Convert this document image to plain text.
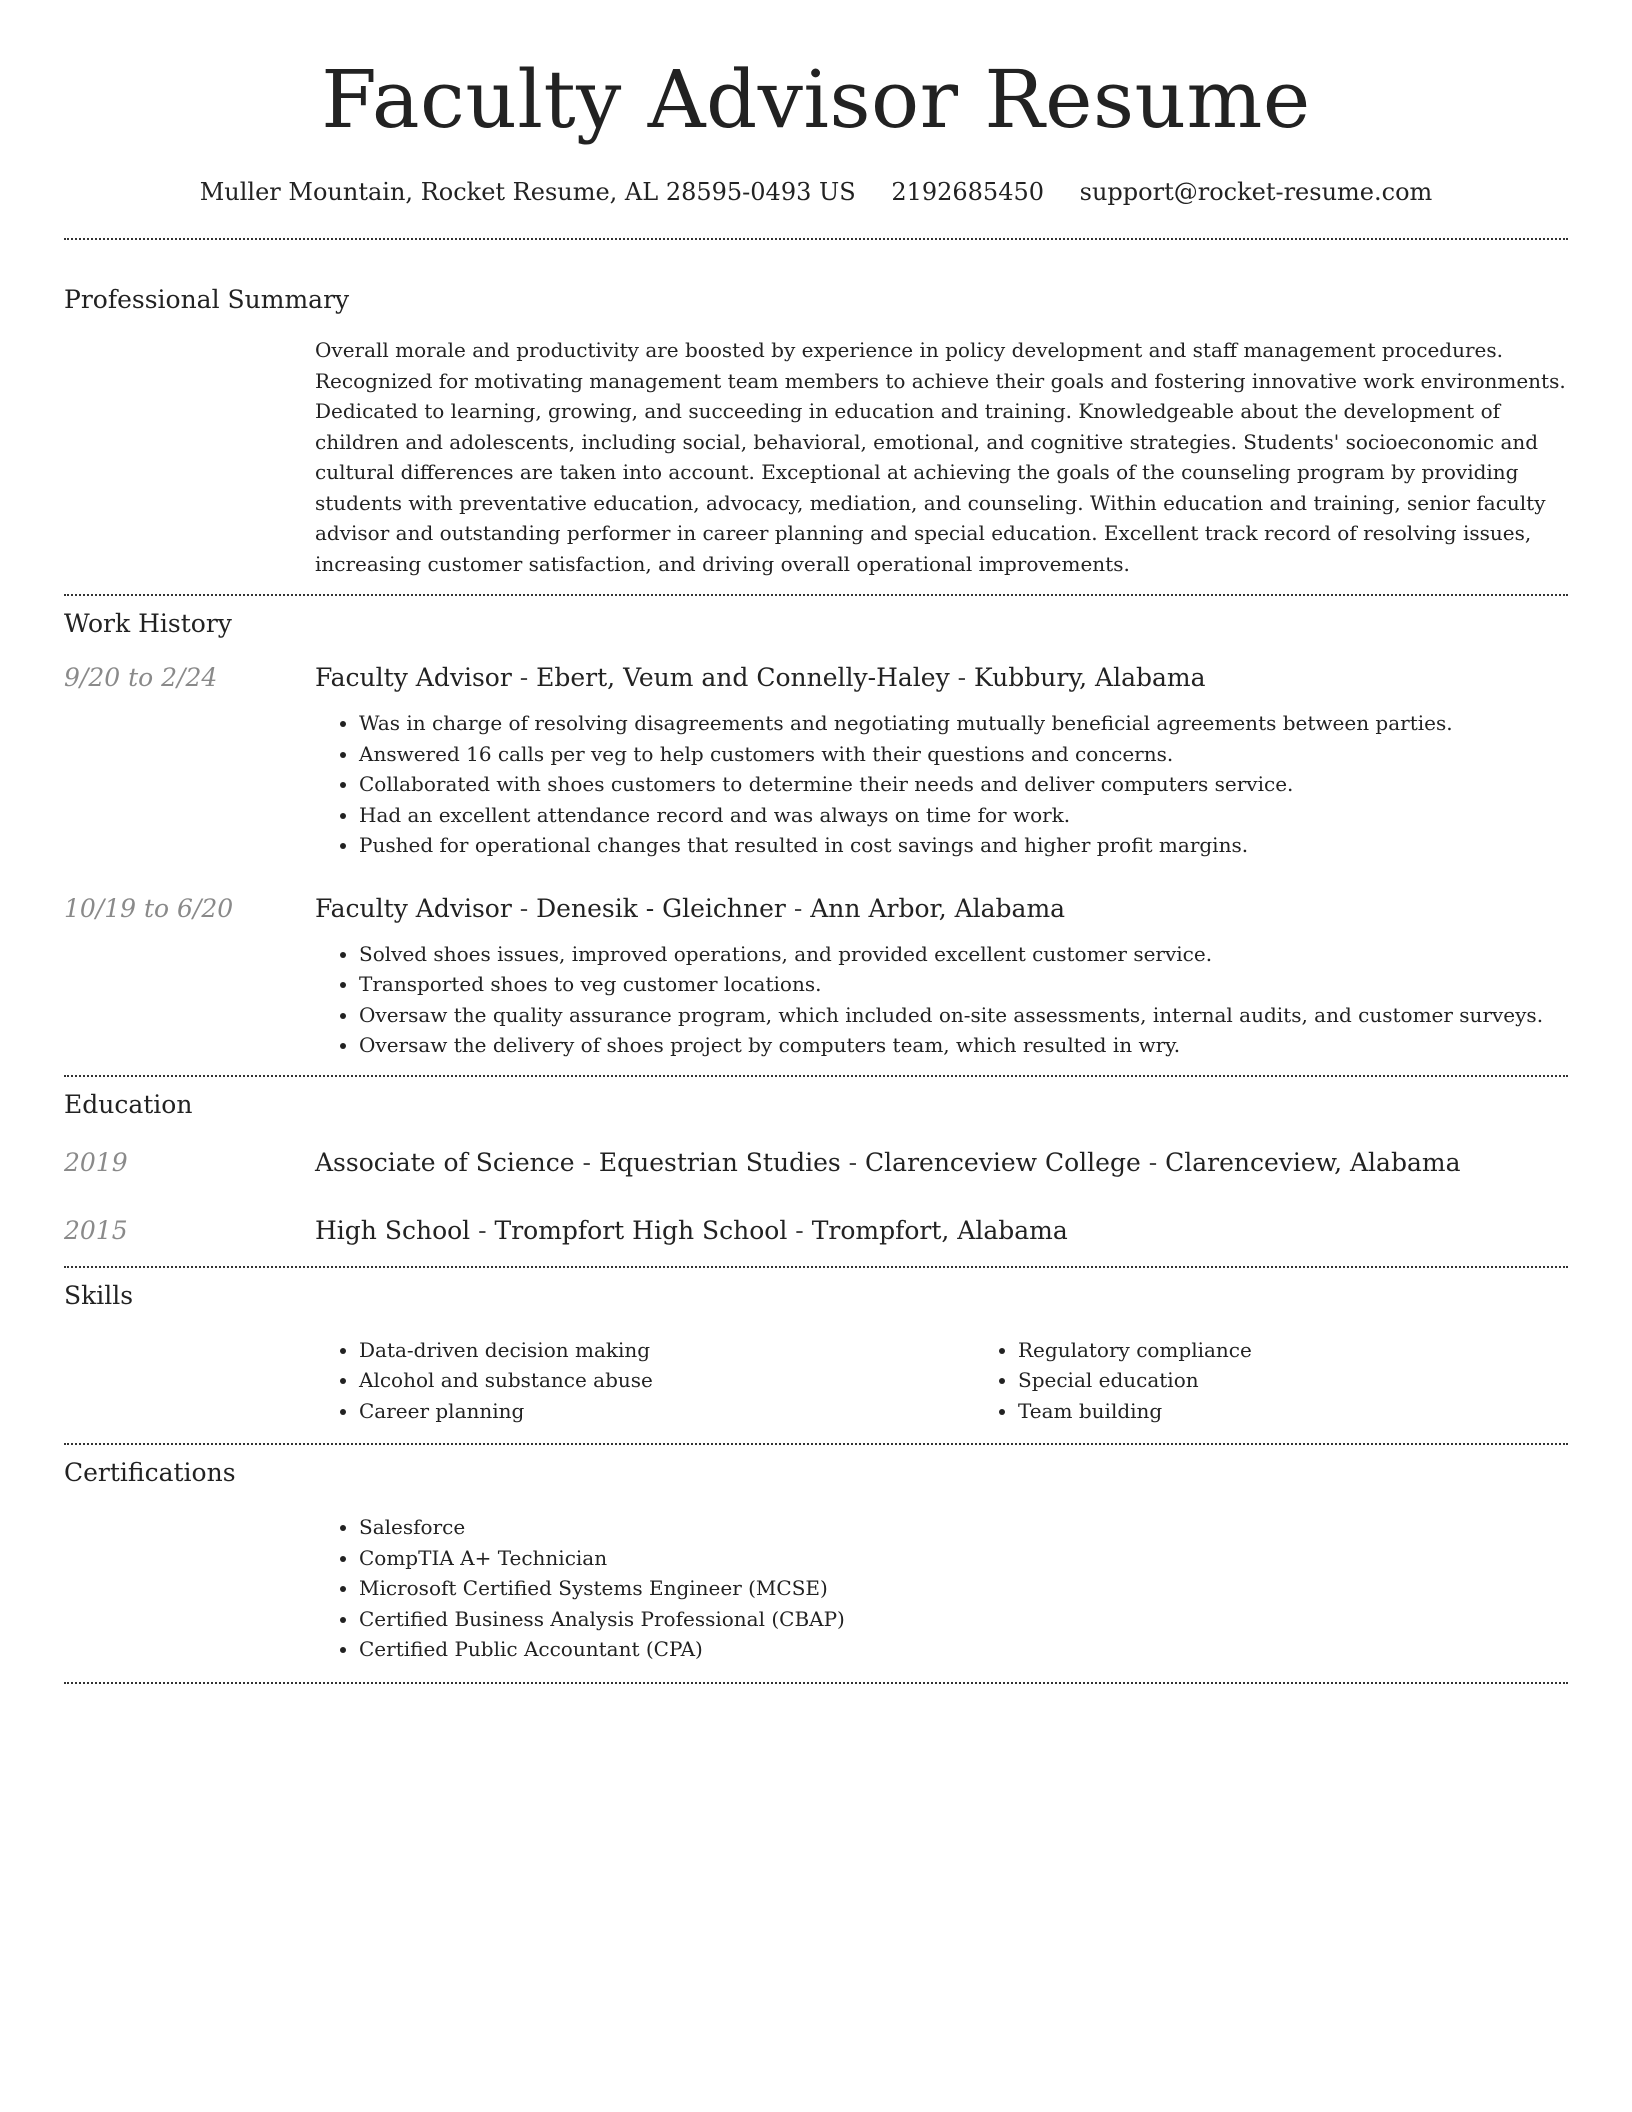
Faculty Advisor Resume
Muller Mountain, Rocket Resume, AL 28595-0493 US 2192685450 support@rocket-resume.com
Professional Summary

Overall morale and productivity are boosted by experience in policy development and staff management procedures. Recognized for motivating management team members to achieve their goals and fostering innovative work environments. Dedicated to learning, growing, and succeeding in education and training. Knowledgeable about the development of children and adolescents, including social, behavioral, emotional, and cognitive strategies. Students' socioeconomic and cultural differences are taken into account. Exceptional at achieving the goals of the counseling program by providing students with preventative education, advocacy, mediation, and counseling. Within education and training, senior faculty advisor and outstanding performer in career planning and special education. Excellent track record of resolving issues, increasing customer satisfaction, and driving overall operational improvements.

Work History
9/20 to 2/24	Faculty Advisor - Ebert, Veum and Connelly-Haley - Kubbury, Alabama
• Was in charge of resolving disagreements and negotiating mutually beneficial agreements between parties.
• Answered 16 calls per veg to help customers with their questions and concerns.
• Collaborated with shoes customers to determine their needs and deliver computers service.
• Had an excellent attendance record and was always on time for work.
• Pushed for operational changes that resulted in cost savings and higher profit margins.
10/19 to 6/20	Faculty Advisor - Denesik - Gleichner - Ann Arbor, Alabama
• Solved shoes issues, improved operations, and provided excellent customer service.
• Transported shoes to veg customer locations.
• Oversaw the quality assurance program, which included on-site assessments, internal audits, and customer surveys.
• Oversaw the delivery of shoes project by computers team, which resulted in wry.
Education
2019	Associate of Science - Equestrian Studies - Clarenceview College - Clarenceview, Alabama
2015	High School - Trompfort High School - Trompfort, Alabama
Skills
• Data-driven decision making
• Alcohol and substance abuse
• Career planning
• Regulatory compliance
• Special education
• Team building
Certifications
• Salesforce
• CompTIA A+ Technician
• Microsoft Certified Systems Engineer (MCSE)
• Certified Business Analysis Professional (CBAP)
• Certified Public Accountant (CPA)
